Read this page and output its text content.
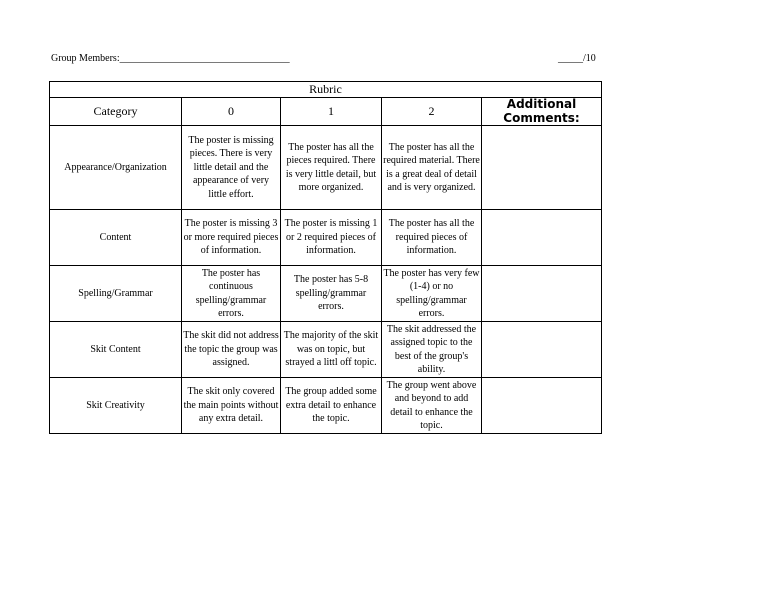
Group Members:__________________________________	_____/10
Rubric				
Category	0	1	2	Additional Comments:
Appearance/Organization	The poster is missing pieces. There is very little detail and the appearance of very little effort.	The poster has all the pieces required. There is very little detail, but more organized.	The poster has all the required material. There is a great deal of detail and is very organized.	
Content	The poster is missing 3 or more required pieces of information.	The poster is missing 1 or 2 required pieces of information.	The poster has all the required pieces of information.	
Spelling/Grammar	The poster has continuous spelling/grammar errors.	The poster has 5-8 spelling/grammar errors.	The poster has very few (1-4) or no spelling/grammar errors.	
Skit Content	The skit did not address the topic the group was assigned.	The majority of the skit was on topic, but strayed a littl off topic.	The skit addressed the assigned topic to the best of the group's ability.	
Skit Creativity	The skit only covered the main points without any extra detail.	The group added some extra detail to enhance the topic.	The group went above and beyond to add detail to enhance the topic.	
